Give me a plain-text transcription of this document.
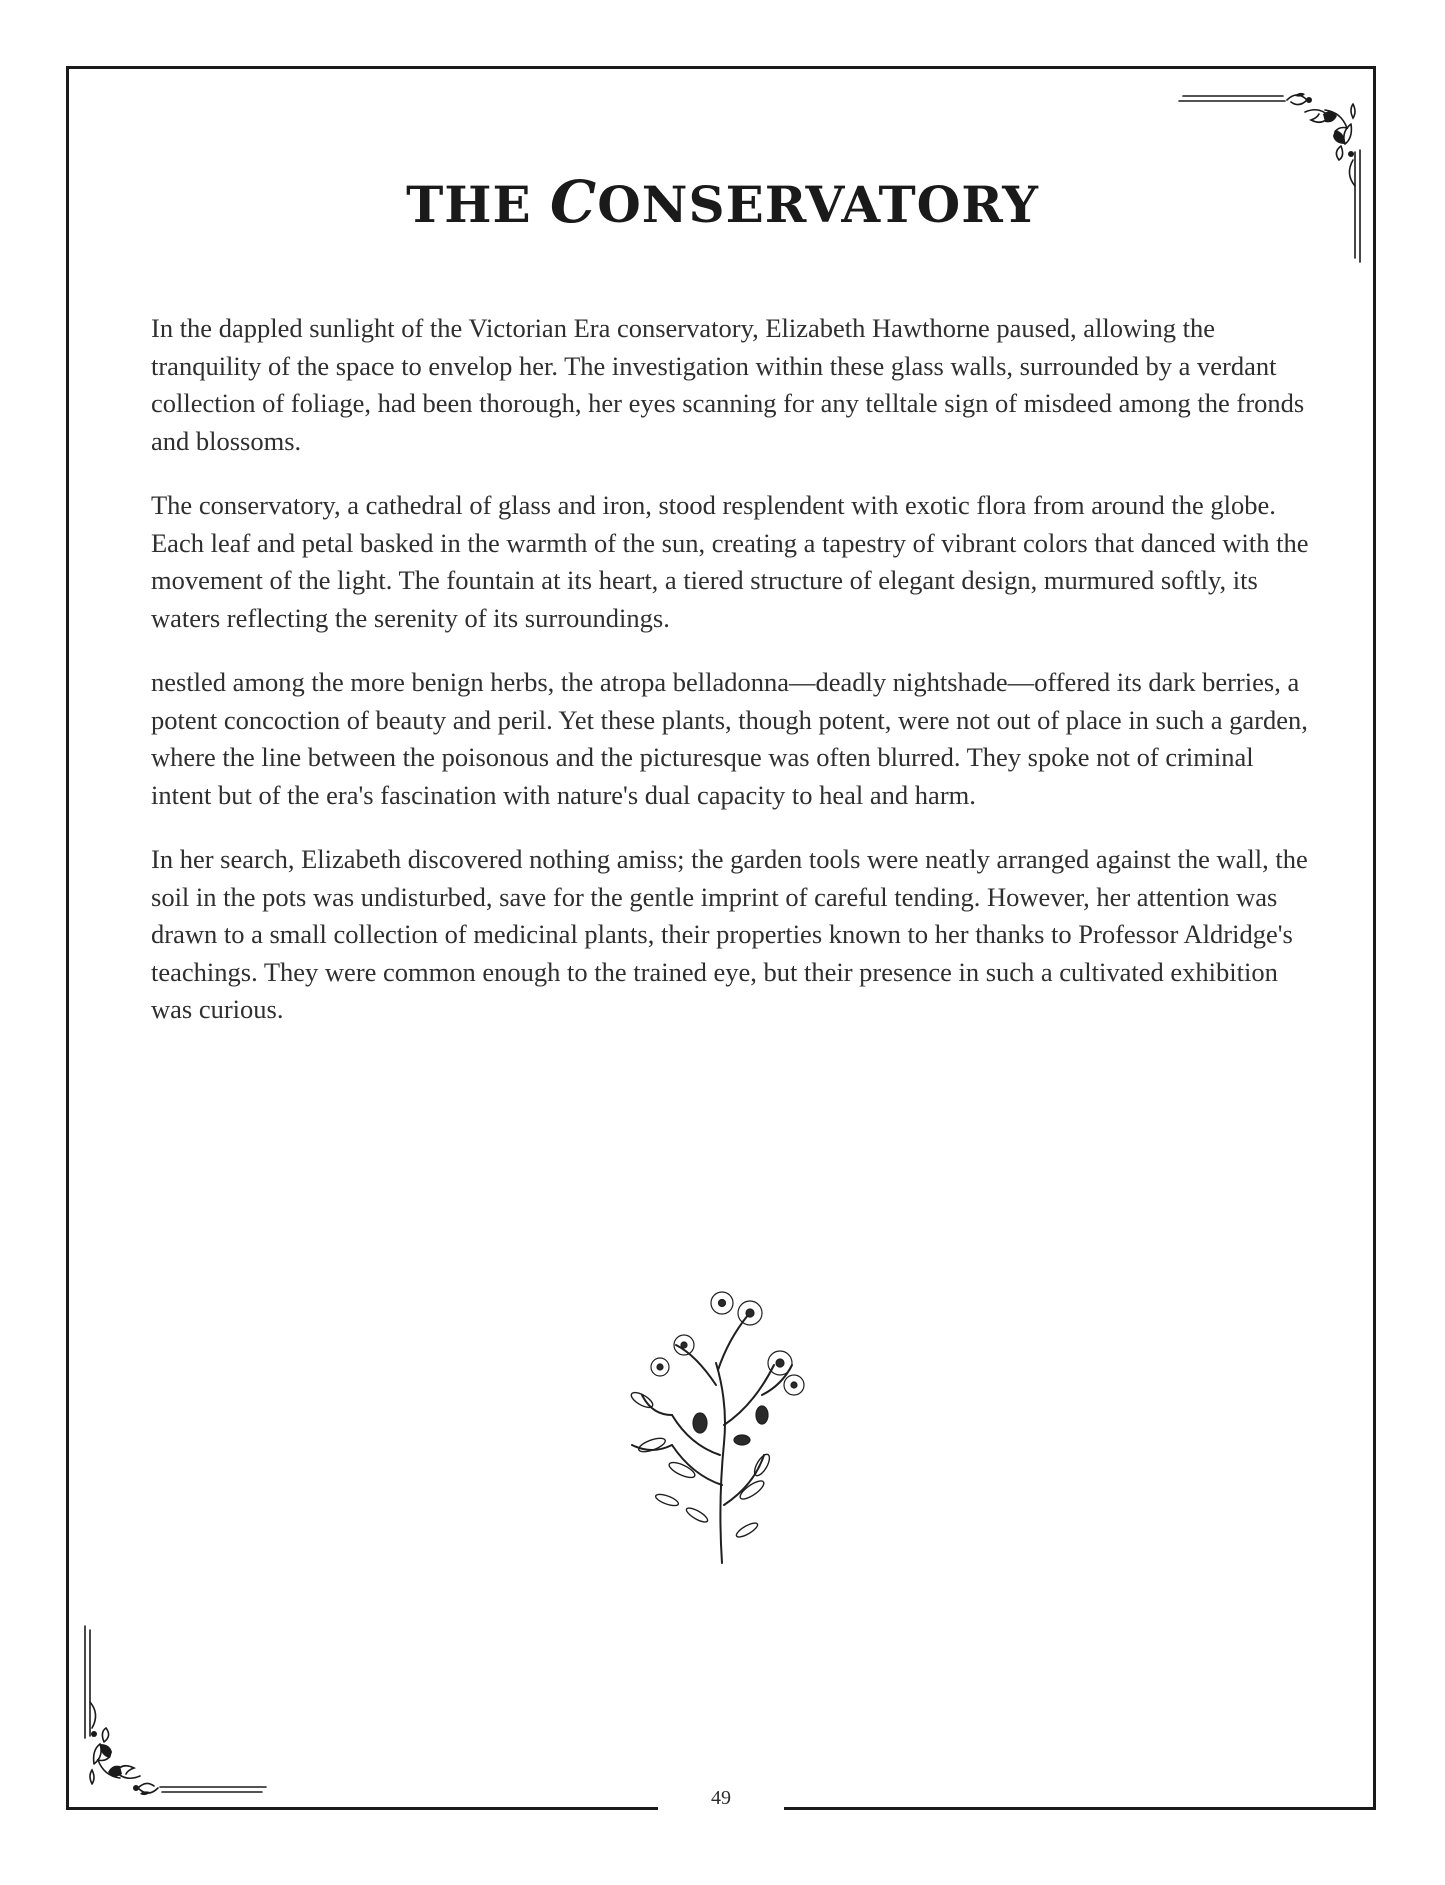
THE CONSERVATORY

In the dappled sunlight of the Victorian Era conservatory, Elizabeth Hawthorne paused, allowing the tranquility of the space to envelop her. The investigation within these glass walls, surrounded by a verdant collection of foliage, had been thorough, her eyes scanning for any telltale sign of misdeed among the fronds and blossoms.

The conservatory, a cathedral of glass and iron, stood resplendent with exotic flora from around the globe. Each leaf and petal basked in the warmth of the sun, creating a tapestry of vibrant colors that danced with the movement of the light. The fountain at its heart, a tiered structure of elegant design, murmured softly, its waters reflecting the serenity of its surroundings.

nestled among the more benign herbs, the atropa belladonna—deadly nightshade—offered its dark berries, a potent concoction of beauty and peril. Yet these plants, though potent, were not out of place in such a garden, where the line between the poisonous and the picturesque was often blurred. They spoke not of criminal intent but of the era's fascination with nature's dual capacity to heal and harm.

In her search, Elizabeth discovered nothing amiss; the garden tools were neatly arranged against the wall, the soil in the pots was undisturbed, save for the gentle imprint of careful tending. However, her attention was drawn to a small collection of medicinal plants, their properties known to her thanks to Professor Aldridge's teachings. They were common enough to the trained eye, but their presence in such a cultivated exhibition was curious.

49
